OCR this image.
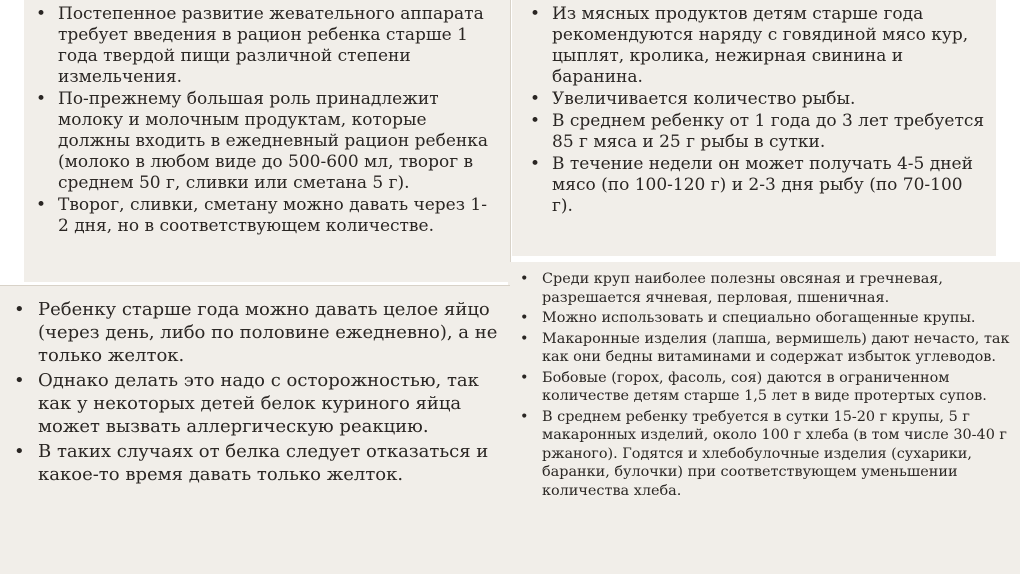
• Постепенное развитие жевательного аппарата требует введения в рацион ребенка старше 1 года твердой пищи различной степени измельчения.
• По-прежнему большая роль принадлежит молоку и молочным продуктам, которые должны входить в ежедневный рацион ребенка (молоко в любом виде до 500-600 мл, творог в среднем 50 г, сливки или сметана 5 г).
• Творог, сливки, сметану можно давать через 1-2 дня, но в соответствующем количестве.
• Из мясных продуктов детям старше года рекомендуются наряду с говядиной мясо кур, цыплят, кролика, нежирная свинина и баранина.
• Увеличивается количество рыбы.
• В среднем ребенку от 1 года до 3 лет требуется 85 г мяса и 25 г рыбы в сутки.
• В течение недели он может получать 4-5 дней мясо (по 100-120 г) и 2-3 дня рыбу (по 70-100 г).
• Среди круп наиболее полезны овсяная и гречневая, разрешается ячневая, перловая, пшеничная.
• Можно использовать и специально обогащенные крупы.
• Макаронные изделия (лапша, вермишель) дают нечасто, так как они бедны витаминами и содержат избыток углеводов.
• Бобовые (горох, фасоль, соя) даются в ограниченном количестве детям старше 1,5 лет в виде протертых супов.
• В среднем ребенку требуется в сутки 15-20 г крупы, 5 г макаронных изделий, около 100 г хлеба (в том числе 30-40 г ржаного). Годятся и хлебобулочные изделия (сухарики, баранки, булочки) при соответствующем уменьшении количества хлеба.
• Ребенку старше года можно давать целое яйцо (через день, либо по половине ежедневно), а не только желток.
• Однако делать это надо с осторожностью, так как у некоторых детей белок куриного яйца может вызвать аллергическую реакцию.
• В таких случаях от белка следует отказаться и какое-то время давать только желток.
